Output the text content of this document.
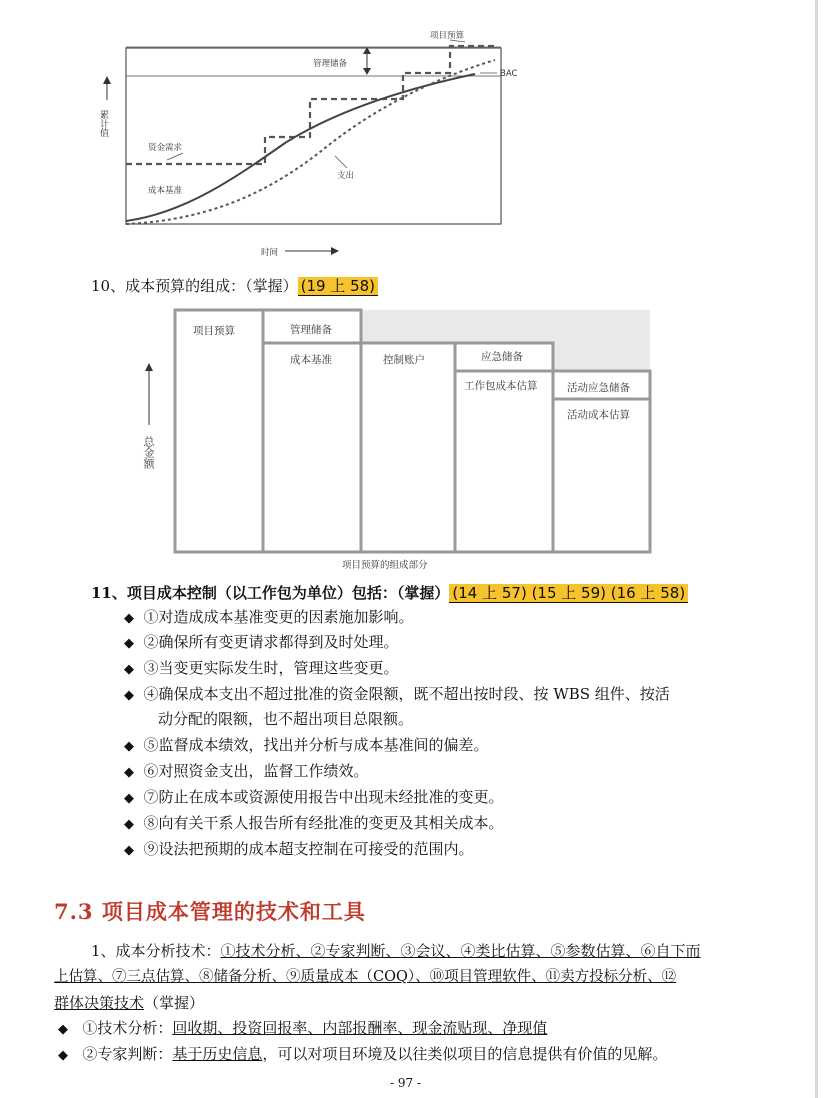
项目预算
管理储备
BAC
资金需求
成本基准
支出
时间
累计值
10、成本预算的组成：（掌握） (19 上 58)
项目预算	管理储备
成本基准	控制账户	应急储备
工作包成本估算	活动应急储备
活动成本估算
项目预算的组成部分
总金额
11、项目成本控制（以工作包为单位）包括：（掌握） (14 上 57) (15 上 59) (16 上 58)
◆ ①对造成成本基准变更的因素施加影响。
◆ ②确保所有变更请求都得到及时处理。
◆ ③当变更实际发生时，管理这些变更。
◆ ④确保成本支出不超过批准的资金限额，既不超出按时段、按 WBS 组件、按活
动分配的限额，也不超出项目总限额。
◆ ⑤监督成本绩效，找出并分析与成本基准间的偏差。
◆ ⑥对照资金支出，监督工作绩效。
◆ ⑦防止在成本或资源使用报告中出现未经批准的变更。
◆ ⑧向有关干系人报告所有经批准的变更及其相关成本。
◆ ⑨设法把预期的成本超支控制在可接受的范围内。
7.3 项目成本管理的技术和工具
1、成本分析技术：①技术分析、②专家判断、③会议、④类比估算、⑤参数估算、⑥自下而
上估算、⑦三点估算、⑧储备分析、⑨质量成本（COQ）、⑩项目管理软件、⑪卖方投标分析、⑫
群体决策技术（掌握）
◆ ①技术分析：回收期、投资回报率、内部报酬率、现金流贴现、净现值
◆ ②专家判断：基于历史信息，可以对项目环境及以往类似项目的信息提供有价值的见解。
- 97 -
